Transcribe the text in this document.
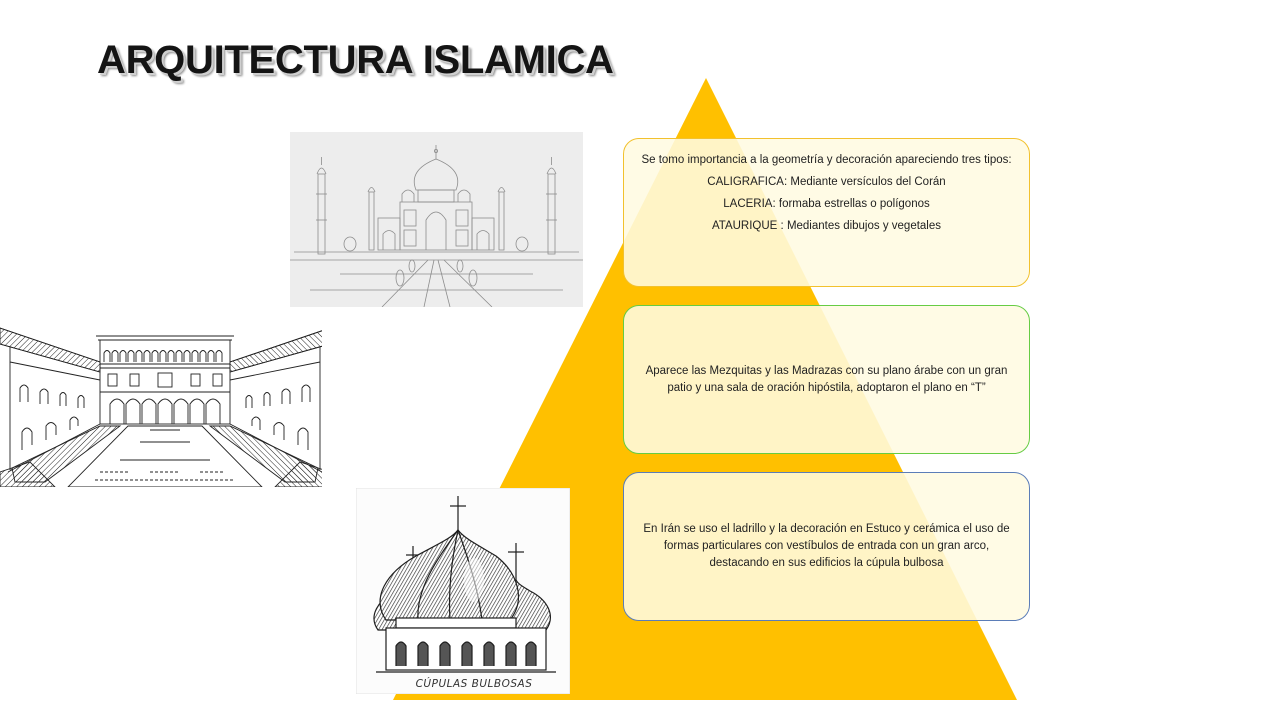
ARQUITECTURA ISLAMICA

Se tomo importancia a la geometría y decoración apareciendo tres tipos:

CALIGRAFICA: Mediante versículos del Corán

LACERIA: formaba estrellas o polígonos

ATAURIQUE : Mediantes dibujos y vegetales

Aparece las Mezquitas y las Madrazas con su plano árabe con un gran patio y una sala de oración hipóstila, adoptaron el plano en “T”

En Irán se uso el ladrillo y la decoración en Estuco y cerámica el uso de formas particulares con vestíbulos de entrada con un gran arco, destacando en sus edificios la cúpula bulbosa

CÚPULAS BULBOSAS
